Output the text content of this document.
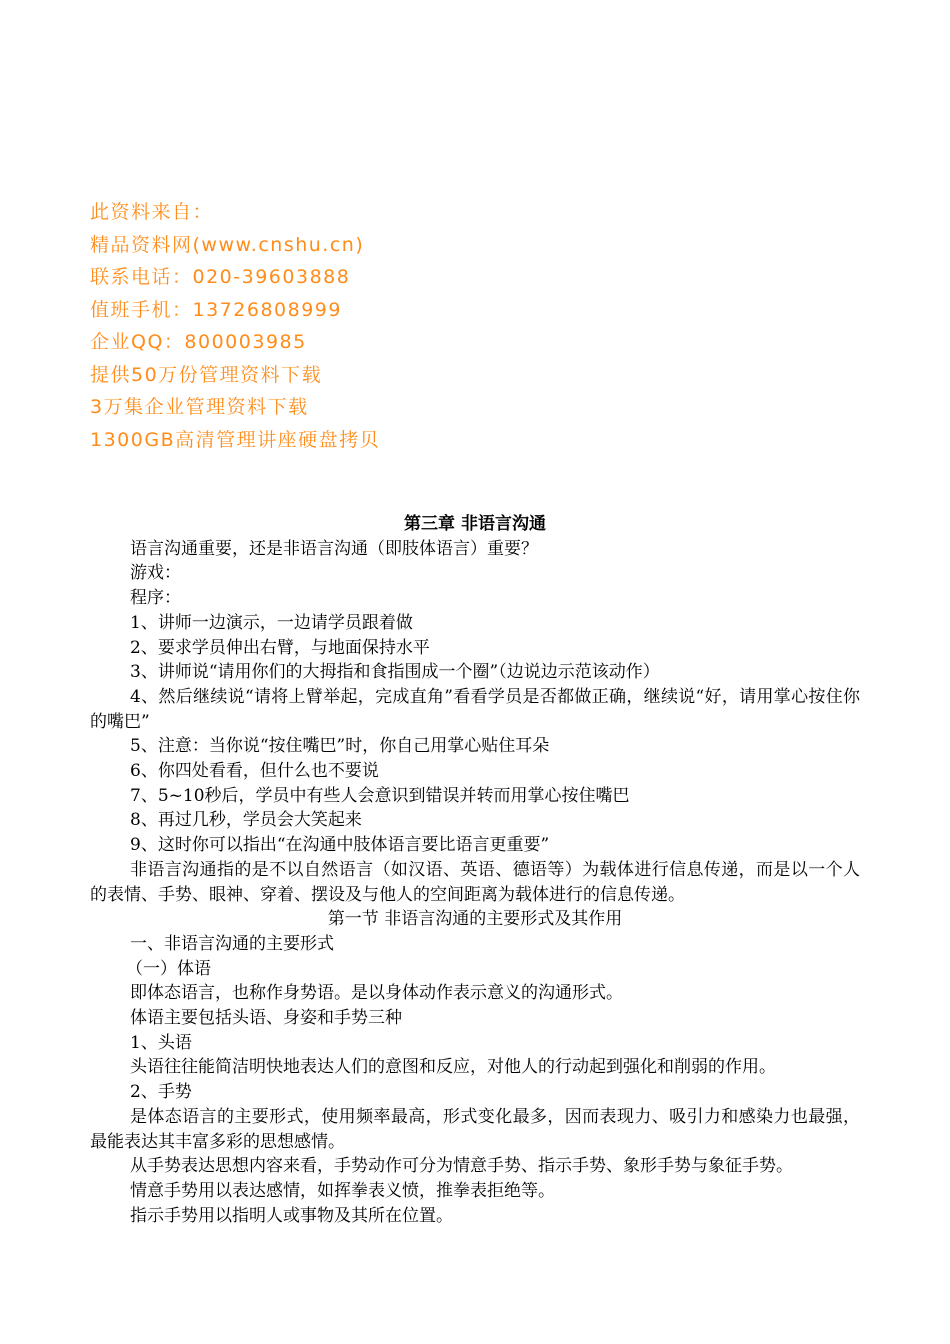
此资料来自：
精品资料网(www.cnshu.cn)
联系电话：020-39603888
值班手机：13726808999
企业QQ：800003985
提供50万份管理资料下载
3万集企业管理资料下载
1300GB高清管理讲座硬盘拷贝

第三章 非语言沟通

语言沟通重要，还是非语言沟通（即肢体语言）重要？

游戏：

程序：

1、讲师一边演示，一边请学员跟着做

2、要求学员伸出右臂，与地面保持水平

3、讲师说“请用你们的大拇指和食指围成一个圈”（边说边示范该动作）

4、然后继续说“请将上臂举起，完成直角”看看学员是否都做正确，继续说“好，请用掌心按住你的嘴巴”

5、注意：当你说“按住嘴巴”时，你自己用掌心贴住耳朵

6、你四处看看，但什么也不要说

7、5~10秒后，学员中有些人会意识到错误并转而用掌心按住嘴巴

8、再过几秒，学员会大笑起来

9、这时你可以指出“在沟通中肢体语言要比语言更重要”

非语言沟通指的是不以自然语言（如汉语、英语、德语等）为载体进行信息传递，而是以一个人的表情、手势、眼神、穿着、摆设及与他人的空间距离为载体进行的信息传递。

第一节 非语言沟通的主要形式及其作用

一、非语言沟通的主要形式

（一）体语

即体态语言，也称作身势语。是以身体动作表示意义的沟通形式。

体语主要包括头语、身姿和手势三种

1、头语

头语往往能简洁明快地表达人们的意图和反应，对他人的行动起到强化和削弱的作用。

2、手势

是体态语言的主要形式，使用频率最高，形式变化最多，因而表现力、吸引力和感染力也最强，最能表达其丰富多彩的思想感情。

从手势表达思想内容来看，手势动作可分为情意手势、指示手势、象形手势与象征手势。

情意手势用以表达感情，如挥拳表义愤，推拳表拒绝等。

指示手势用以指明人或事物及其所在位置。
